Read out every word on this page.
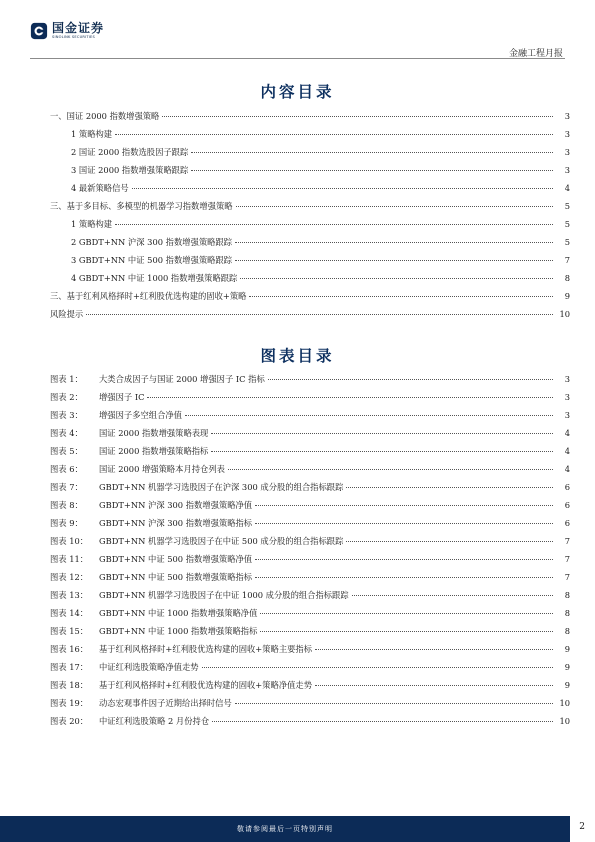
国金证券
SINOLINK SECURITIES
金融工程月报
内容目录
一、国证 2000 指数增强策略	3
1 策略构建	3
2 国证 2000 指数选股因子跟踪	3
3 国证 2000 指数增强策略跟踪	3
4 最新策略信号	4
三、基于多目标、多模型的机器学习指数增强策略	5
1 策略构建	5
2 GBDT+NN 沪深 300 指数增强策略跟踪	5
3 GBDT+NN 中证 500 指数增强策略跟踪	7
4 GBDT+NN 中证 1000 指数增强策略跟踪	8
三、基于红利风格择时+红利股优选构建的固收+策略	9
风险提示	10
图表目录
图表 1： 大类合成因子与国证 2000 增强因子 IC 指标	3
图表 2： 增强因子 IC	3
图表 3： 增强因子多空组合净值	3
图表 4： 国证 2000 指数增强策略表现	4
图表 5： 国证 2000 指数增强策略指标	4
图表 6： 国证 2000 增强策略本月持仓列表	4
图表 7： GBDT+NN 机器学习选股因子在沪深 300 成分股的组合指标跟踪	6
图表 8： GBDT+NN 沪深 300 指数增强策略净值	6
图表 9： GBDT+NN 沪深 300 指数增强策略指标	6
图表 10： GBDT+NN 机器学习选股因子在中证 500 成分股的组合指标跟踪	7
图表 11： GBDT+NN 中证 500 指数增强策略净值	7
图表 12： GBDT+NN 中证 500 指数增强策略指标	7
图表 13： GBDT+NN 机器学习选股因子在中证 1000 成分股的组合指标跟踪	8
图表 14： GBDT+NN 中证 1000 指数增强策略净值	8
图表 15： GBDT+NN 中证 1000 指数增强策略指标	8
图表 16： 基于红利风格择时+红利股优选构建的固收+策略主要指标	9
图表 17： 中证红利选股策略净值走势	9
图表 18： 基于红利风格择时+红利股优选构建的固收+策略净值走势	9
图表 19： 动态宏观事件因子近期给出择时信号	10
图表 20： 中证红利选股策略 2 月份持仓	10
敬请参阅最后一页特别声明	2
